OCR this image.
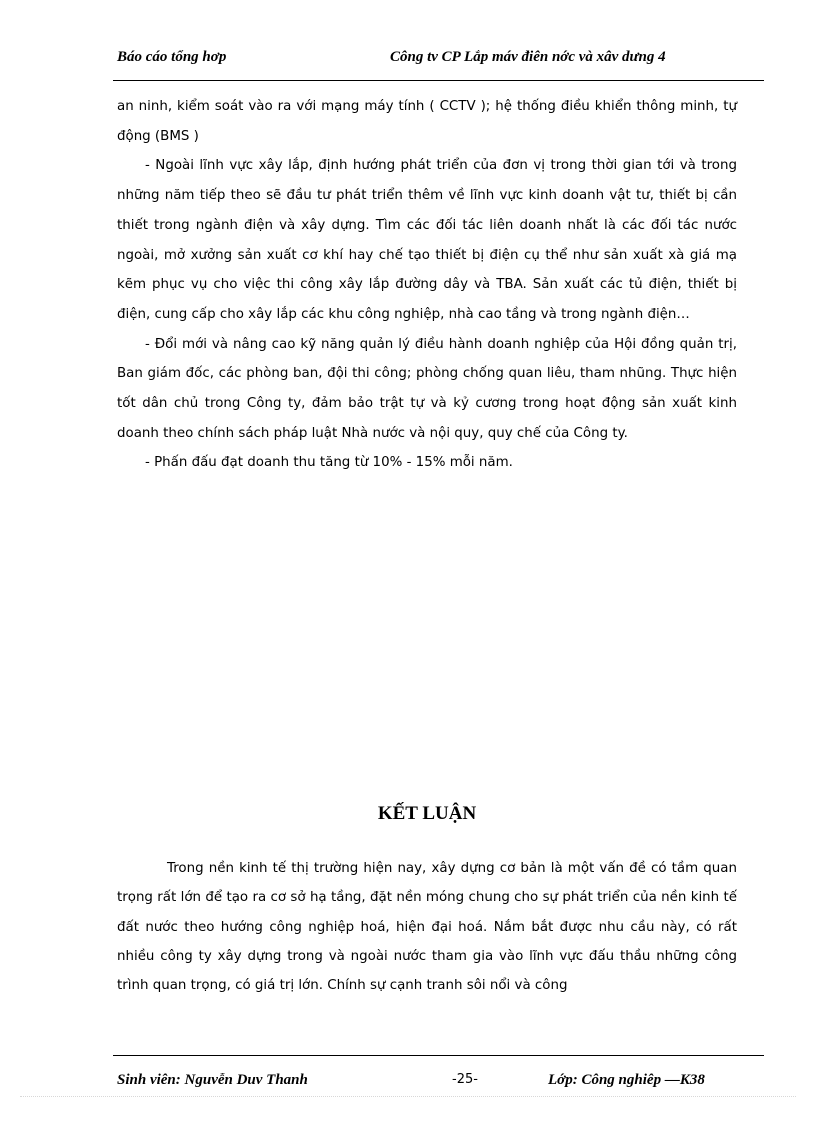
Báo cáo tổng hơp	Công tv CP Lắp máv điên nớc và xâv dưng 4

an ninh, kiểm soát vào ra với mạng máy tính ( CCTV ); hệ thống điều khiển thông minh, tự động (BMS )

- Ngoài lĩnh vực xây lắp, định hướng phát triển của đơn vị trong thời gian tới và trong những năm tiếp theo sẽ đầu tư phát triển thêm về lĩnh vực kinh doanh vật tư, thiết bị cần thiết trong ngành điện và xây dựng. Tìm các đối tác liên doanh nhất là các đối tác nước ngoài, mở xưởng sản xuất cơ khí hay chế tạo thiết bị điện cụ thể như sản xuất xà giá mạ kẽm phục vụ cho việc thi công xây lắp đường dây và TBA. Sản xuất các tủ điện, thiết bị điện, cung cấp cho xây lắp các khu công nghiệp, nhà cao tầng và trong ngành điện…

- Đổi mới và nâng cao kỹ năng quản lý điều hành doanh nghiệp của Hội đồng quản trị, Ban giám đốc, các phòng ban, đội thi công; phòng chống quan liêu, tham nhũng. Thực hiện tốt dân chủ trong Công ty, đảm bảo trật tự và kỷ cương trong hoạt động sản xuất kinh doanh theo chính sách pháp luật Nhà nước và nội quy, quy chế của Công ty.

- Phấn đấu đạt doanh thu tăng từ 10% - 15% mỗi năm.

KẾT LUẬN

Trong nền kinh tế thị trường hiện nay, xây dựng cơ bản là một vấn đề có tầm quan trọng rất lớn để tạo ra cơ sở hạ tầng, đặt nền móng chung cho sự phát triển của nền kinh tế đất nước theo hướng công nghiệp hoá, hiện đại hoá. Nắm bắt được nhu cầu này, có rất nhiều công ty xây dựng trong và ngoài nước tham gia vào lĩnh vực đấu thầu những công trình quan trọng, có giá trị lớn. Chính sự cạnh tranh sôi nổi và công

Sinh viên: Nguvễn Duv Thanh	-25-	Lớp: Công nghiêp —K38
